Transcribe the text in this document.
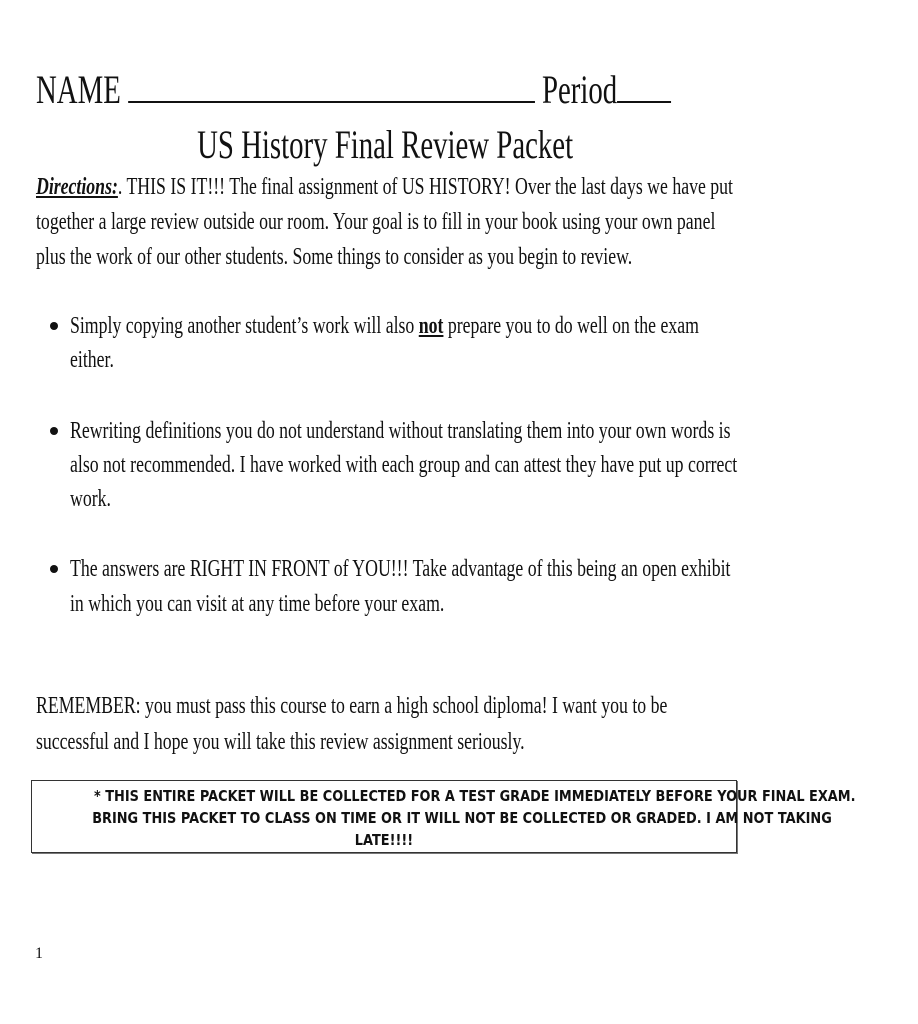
NAME	Period
US History Final Review Packet
Directions:. THIS IS IT!!! The final assignment of US HISTORY! Over the last days we have put
together a large review outside our room. Your goal is to fill in your book using your own panel
plus the work of our other students. Some things to consider as you begin to review.
Simply copying another student’s work will also not prepare you to do well on the exam
either.
Rewriting definitions you do not understand without translating them into your own words is
also not recommended. I have worked with each group and can attest they have put up correct
work.
The answers are RIGHT IN FRONT of YOU!!! Take advantage of this being an open exhibit
in which you can visit at any time before your exam.
REMEMBER: you must pass this course to earn a high school diploma! I want you to be
successful and I hope you will take this review assignment seriously.
* THIS ENTIRE PACKET WILL BE COLLECTED FOR A TEST GRADE IMMEDIATELY BEFORE YOUR FINAL EXAM.
BRING THIS PACKET TO CLASS ON TIME OR IT WILL NOT BE COLLECTED OR GRADED. I AM NOT TAKING
LATE!!!!
1
